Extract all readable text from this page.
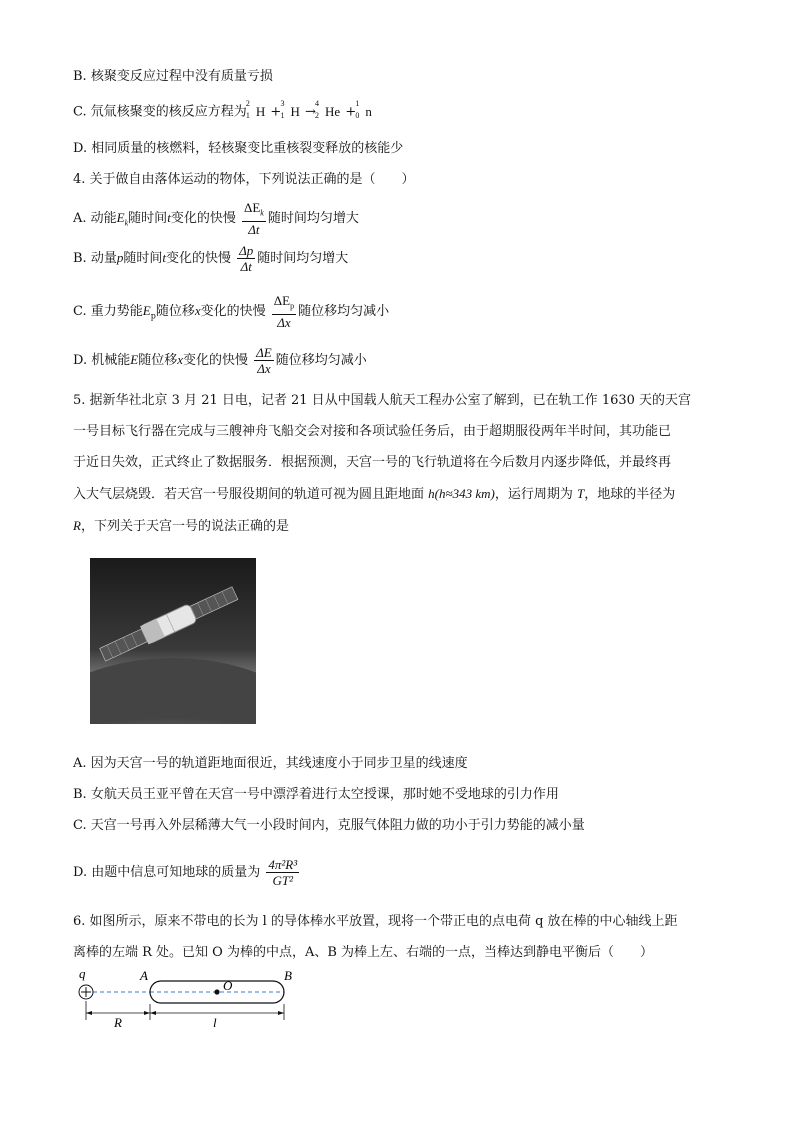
B. 核聚变反应过程中没有质量亏损
C. 氘氚核聚变的核反应方程为
2
1 H +
3
1 H →
4
2 He +
1
0 n
D. 相同质量的核燃料，轻核聚变比重核裂变释放的核能少
4. 关于做自由落体运动的物体，下列说法正确的是（　　）
A. 动能$E_k$随时间t变化的快慢 $\frac{\Delta E_k}{\Delta t}$ 随时间均匀增大
B. 动量p随时间t变化的快慢 $\frac{\Delta p}{\Delta t}$ 随时间均匀增大
C. 重力势能$E_p$随位移x变化的快慢 $\frac{\Delta E_p}{\Delta x}$ 随位移均匀减小
D. 机械能E随位移x变化的快慢 $\frac{\Delta E}{\Delta x}$ 随位移均匀减小
5. 据新华社北京 3 月 21 日电，记者 21 日从中国载人航天工程办公室了解到，已在轨工作 1630 天的天宫
一号目标飞行器在完成与三艘神舟飞船交会对接和各项试验任务后，由于超期服役两年半时间，其功能已
于近日失效，正式终止了数据服务．根据预测，天宫一号的飞行轨道将在今后数月内逐步降低，并最终再
入大气层烧毁．若天宫一号服役期间的轨道可视为圆且距地面 h(h≈343 km)，运行周期为 T，地球的半径为
R，下列关于天宫一号的说法正确的是
A. 因为天宫一号的轨道距地面很近，其线速度小于同步卫星的线速度
B. 女航天员王亚平曾在天宫一号中漂浮着进行太空授课，那时她不受地球的引力作用
C. 天宫一号再入外层稀薄大气一小段时间内，克服气体阻力做的功小于引力势能的减小量
D. 由题中信息可知地球的质量为 $\frac{\text{4π²R³}}{\text{GT²}}$
6. 如图所示，原来不带电的长为 l 的导体棒水平放置，现将一个带正电的点电荷 q 放在棒的中心轴线上距
离棒的左端 R 处。已知 O 为棒的中点，A、B 为棒上左、右端的一点，当棒达到静电平衡后（　　）
q	A	B
O
R	l
